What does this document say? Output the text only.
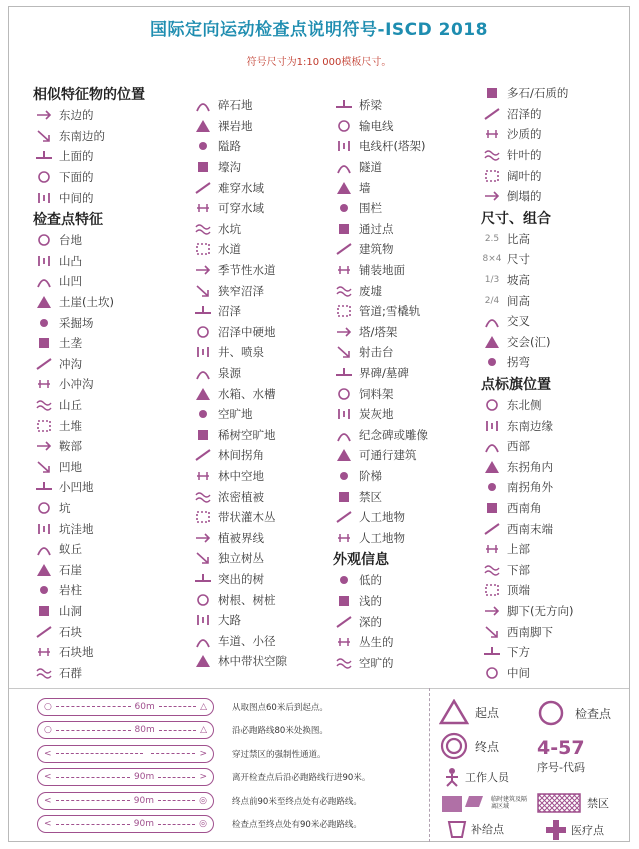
国际定向运动检查点说明符号-ISCD 2018
符号尺寸为1:10 000模板尺寸。
相似特征物的位置
东边的
东南边的
上面的
下面的
中间的
检查点特征
台地
山凸
山凹
土崖(土坎)
采掘场
土垄
冲沟
小冲沟
山丘
土堆
鞍部
凹地
小凹地
坑
坑洼地
蚁丘
石崖
岩柱
山洞
石块
石块地
石群
碎石地
裸岩地
隘路
壕沟
难穿水域
可穿水域
水坑
水道
季节性水道
狭窄沼泽
沼泽
沼泽中硬地
井、喷泉
泉源
水箱、水槽
空旷地
稀树空旷地
林间拐角
林中空地
浓密植被
带状灌木丛
植被界线
独立树丛
突出的树
树根、树桩
大路
车道、小径
林中带状空隙
桥梁
输电线
电线杆(塔架)
隧道
墙
围栏
通过点
建筑物
铺装地面
废墟
管道;雪橇轨
塔/塔架
射击台
界碑/墓碑
饲料架
炭灰地
纪念碑或雕像
可通行建筑
阶梯
禁区
人工地物
人工地物
外观信息
低的
浅的
深的
丛生的
空旷的
多石/石质的
沼泽的
沙质的
针叶的
阔叶的
倒塌的
尺寸、组合
2.5 比高
8×4 尺寸
1/3 坡高
2/4 间高
交叉
交会(汇)
拐弯
点标旗位置
东北侧
东南边缘
西部
东拐角内
南拐角外
西南角
西南末端
上部
下部
顶端
脚下(无方向)
西南脚下
下方
中间
○	60m	△	从取图点60米后到起点。
○	80m	△	沿必跑路线80米处换图。
<	>	穿过禁区的强制性通道。
<	90m	>	离开检查点后沿必跑路线行进90米。
<	90m	◎	终点前90米至终点处有必跑路线。
<	90m	◎	检查点至终点处有90米必跑路线。
起点	检查点
终点 4-57
序号-代码
工作人员
临时建筑及隔离区域	禁区
补给点	医疗点
